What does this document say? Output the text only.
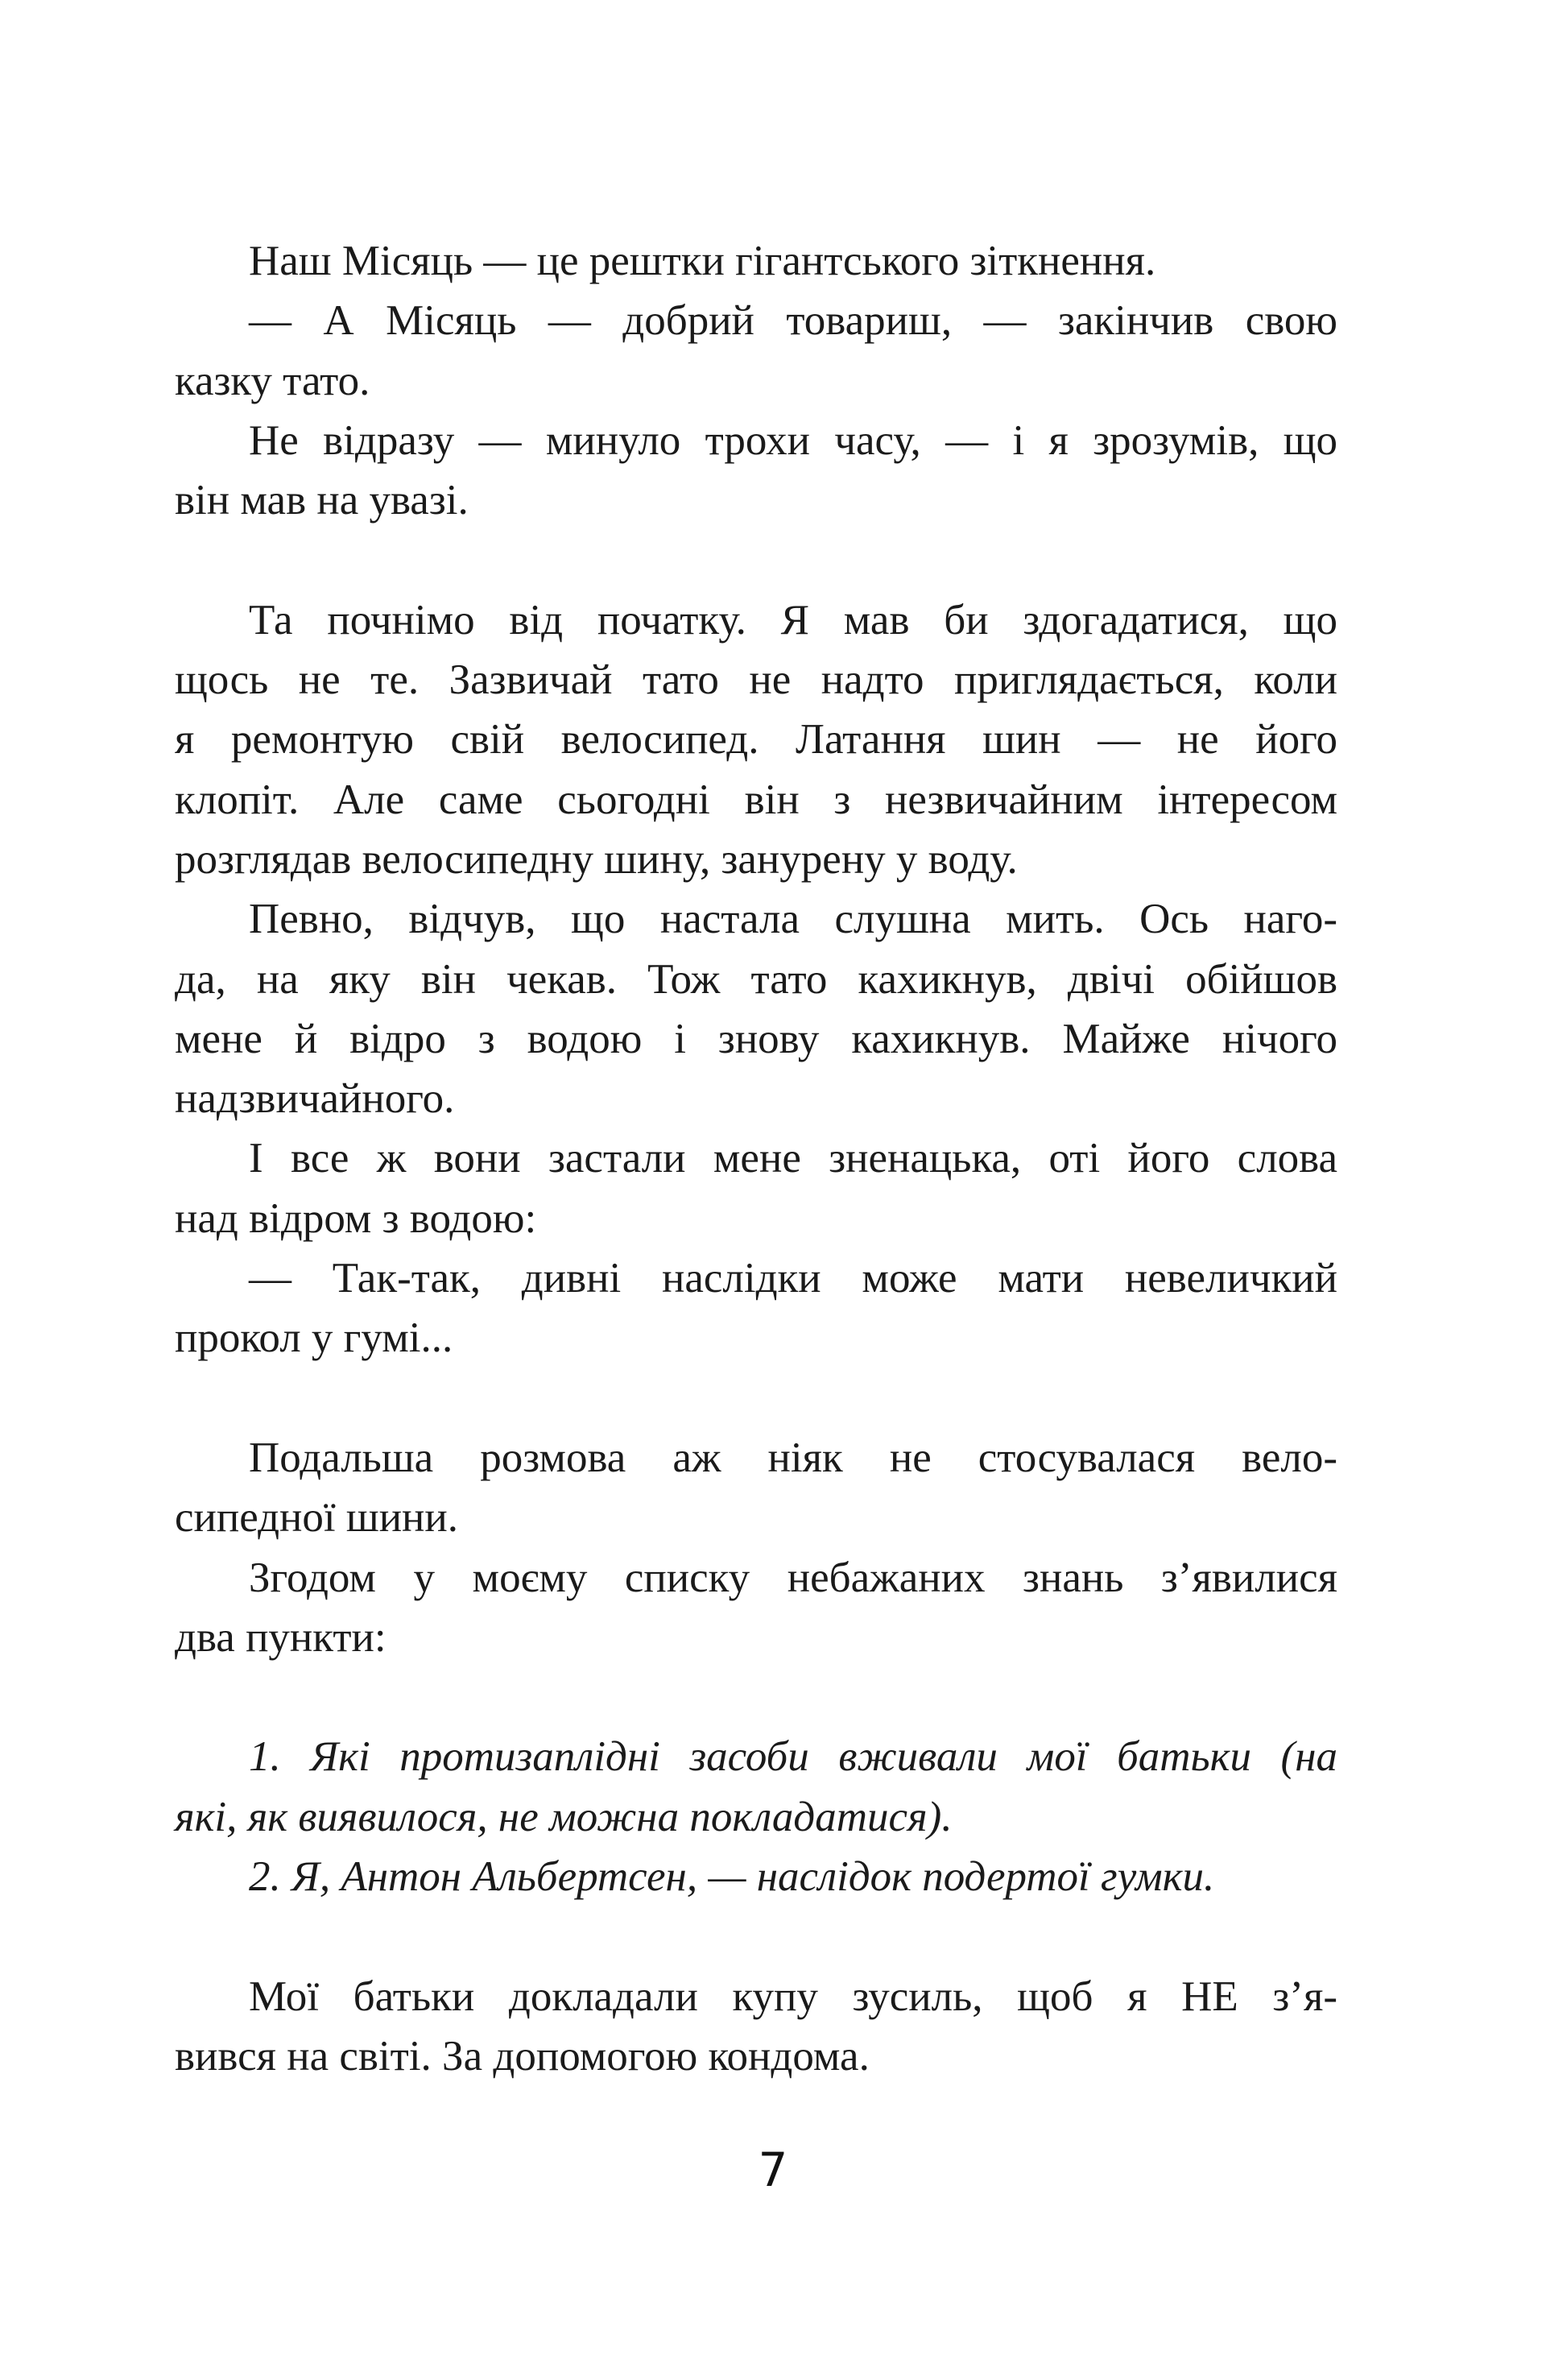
Наш Місяць — це рештки гігантського зіткнення.
— А Місяць — добрий товариш, — закінчив свою
казку тато.
Не відразу — минуло трохи часу, — і я зрозумів, що
він мав на увазі.
Та почнімо від початку. Я мав би здогадатися, що
щось не те. Зазвичай тато не надто приглядається, коли
я ремонтую свій велосипед. Латання шин — не його
клопіт. Але саме сьогодні він з незвичайним інтересом
розглядав велосипедну шину, занурену у воду.
Певно, відчув, що настала слушна мить. Ось наго-
да, на яку він чекав. Тож тато кахикнув, двічі обійшов
мене й відро з водою і знову кахикнув. Майже нічого
надзвичайного.
І все ж вони застали мене зненацька, оті його слова
над відром з водою:
— Так-так, дивні наслідки може мати невеличкий
прокол у гумі...
Подальша розмова аж ніяк не стосувалася вело-
сипедної шини.
Згодом у моєму списку небажаних знань з’явилися
два пункти:
1. Які протизаплідні засоби вживали мої батьки (на
які, як виявилося, не можна покладатися).
2. Я, Антон Альбертсен, — наслідок подертої гумки.
Мої батьки докладали купу зусиль, щоб я НЕ з’я-
вився на світі. За допомогою кондома.
7
